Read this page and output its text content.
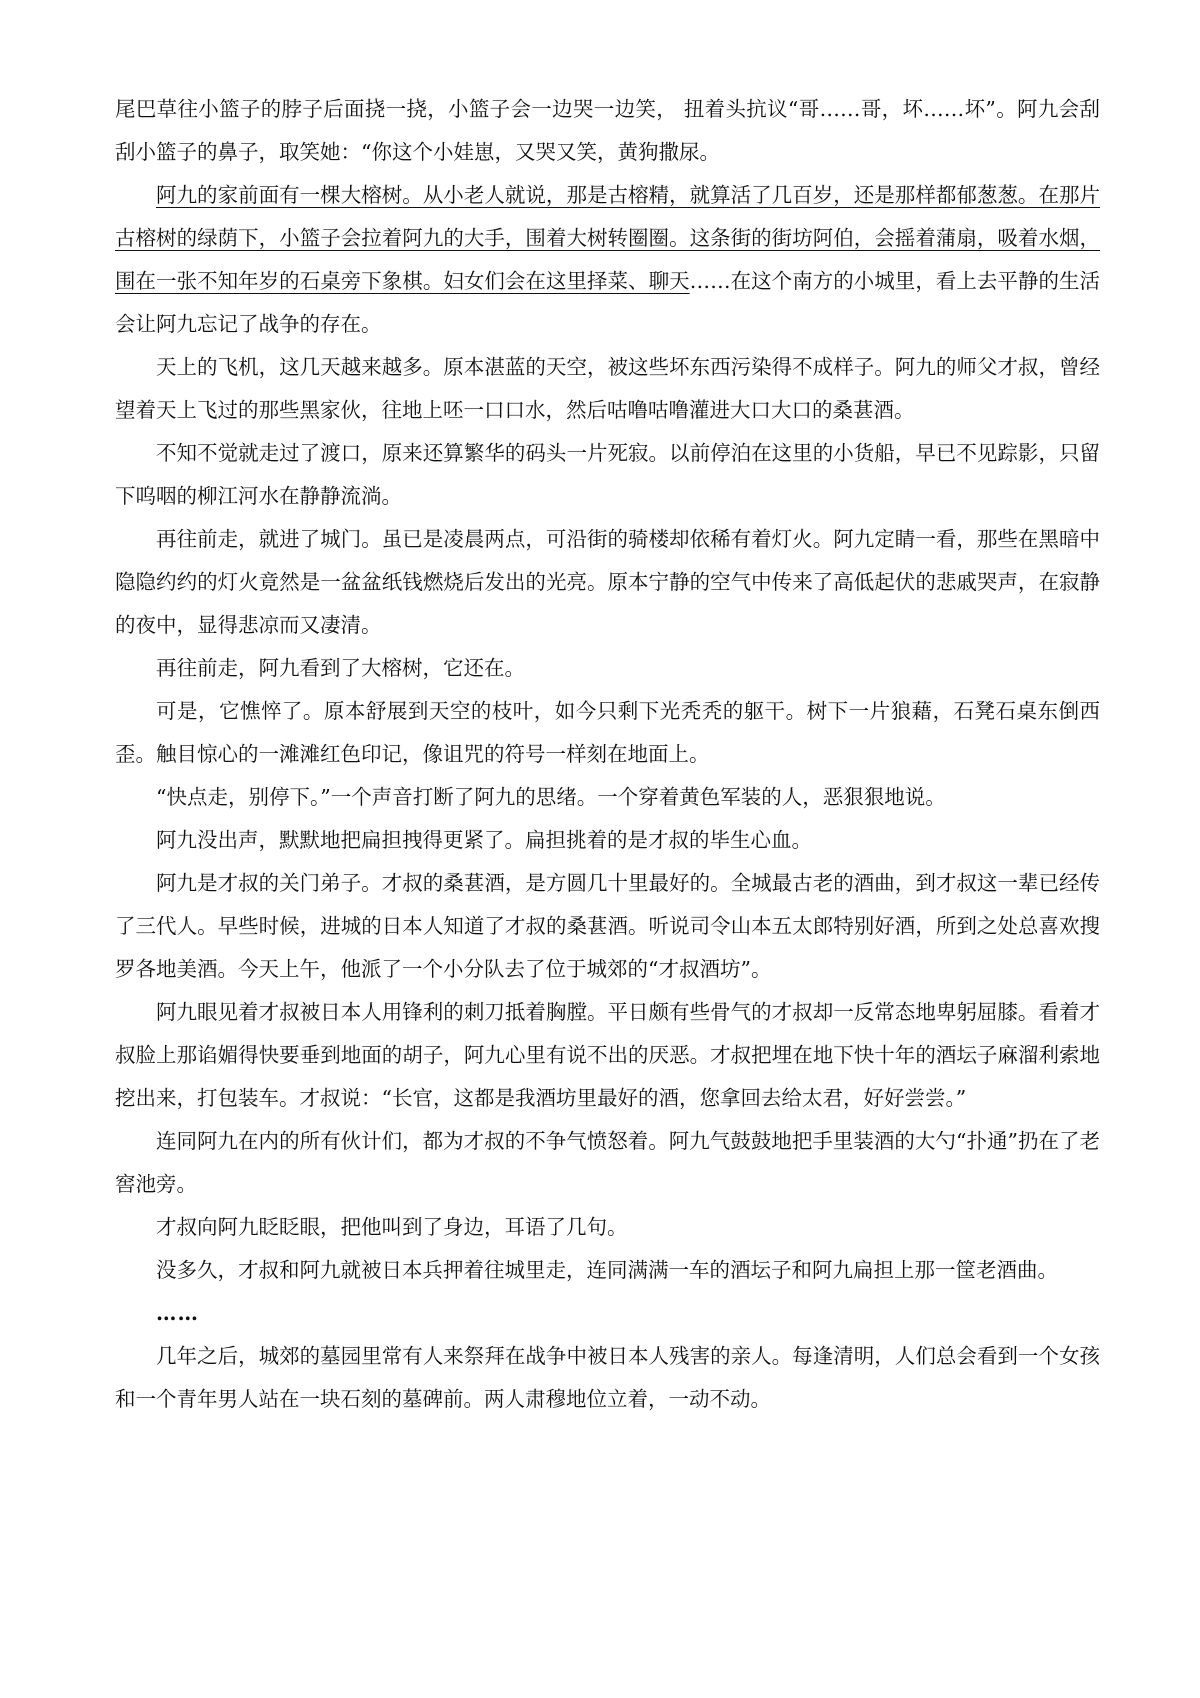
尾巴草往小篮子的脖子后面挠一挠，小篮子会一边哭一边笑， 扭着头抗议“哥……哥，坏……坏”。阿九会刮刮小篮子的鼻子，取笑她：“你这个小娃崽，又哭又笑，黄狗撒尿。

阿九的家前面有一棵大榕树。从小老人就说，那是古榕精，就算活了几百岁，还是那样都郁葱葱。在那片古榕树的绿荫下，小篮子会拉着阿九的大手，围着大树转圈圈。这条街的街坊阿伯，会摇着蒲扇，吸着水烟，围在一张不知年岁的石桌旁下象棋。妇女们会在这里择菜、聊天……在这个南方的小城里，看上去平静的生活会让阿九忘记了战争的存在。

天上的飞机，这几天越来越多。原本湛蓝的天空，被这些坏东西污染得不成样子。阿九的师父才叔，曾经望着天上飞过的那些黑家伙，往地上呸一口口水，然后咕噜咕噜灌进大口大口的桑葚酒。

不知不觉就走过了渡口，原来还算繁华的码头一片死寂。以前停泊在这里的小货船，早已不见踪影，只留下呜咽的柳江河水在静静流淌。

再往前走，就进了城门。虽已是凌晨两点，可沿街的骑楼却依稀有着灯火。阿九定睛一看，那些在黑暗中隐隐约约的灯火竟然是一盆盆纸钱燃烧后发出的光亮。原本宁静的空气中传来了高低起伏的悲戚哭声，在寂静的夜中，显得悲凉而又凄清。

再往前走，阿九看到了大榕树，它还在。

可是，它憔悴了。原本舒展到天空的枝叶，如今只剩下光秃秃的躯干。树下一片狼藉，石凳石桌东倒西歪。触目惊心的一滩滩红色印记，像诅咒的符号一样刻在地面上。

“快点走，别停下。”一个声音打断了阿九的思绪。一个穿着黄色军装的人，恶狠狠地说。

阿九没出声，默默地把扁担拽得更紧了。扁担挑着的是才叔的毕生心血。

阿九是才叔的关门弟子。才叔的桑葚酒，是方圆几十里最好的。全城最古老的酒曲，到才叔这一辈已经传了三代人。早些时候，进城的日本人知道了才叔的桑葚酒。听说司令山本五太郎特别好酒，所到之处总喜欢搜罗各地美酒。今天上午，他派了一个小分队去了位于城郊的“才叔酒坊”。

阿九眼见着才叔被日本人用锋利的刺刀抵着胸膛。平日颇有些骨气的才叔却一反常态地卑躬屈膝。看着才叔脸上那谄媚得快要垂到地面的胡子，阿九心里有说不出的厌恶。才叔把埋在地下快十年的酒坛子麻溜利索地挖出来，打包装车。才叔说：“长官，这都是我酒坊里最好的酒，您拿回去给太君，好好尝尝。”

连同阿九在内的所有伙计们，都为才叔的不争气愤怒着。阿九气鼓鼓地把手里装酒的大勺“扑通”扔在了老窖池旁。

才叔向阿九眨眨眼，把他叫到了身边，耳语了几句。

没多久，才叔和阿九就被日本兵押着往城里走，连同满满一车的酒坛子和阿九扁担上那一筐老酒曲。

……

几年之后，城郊的墓园里常有人来祭拜在战争中被日本人残害的亲人。每逢清明，人们总会看到一个女孩和一个青年男人站在一块石刻的墓碑前。两人肃穆地位立着，一动不动。
